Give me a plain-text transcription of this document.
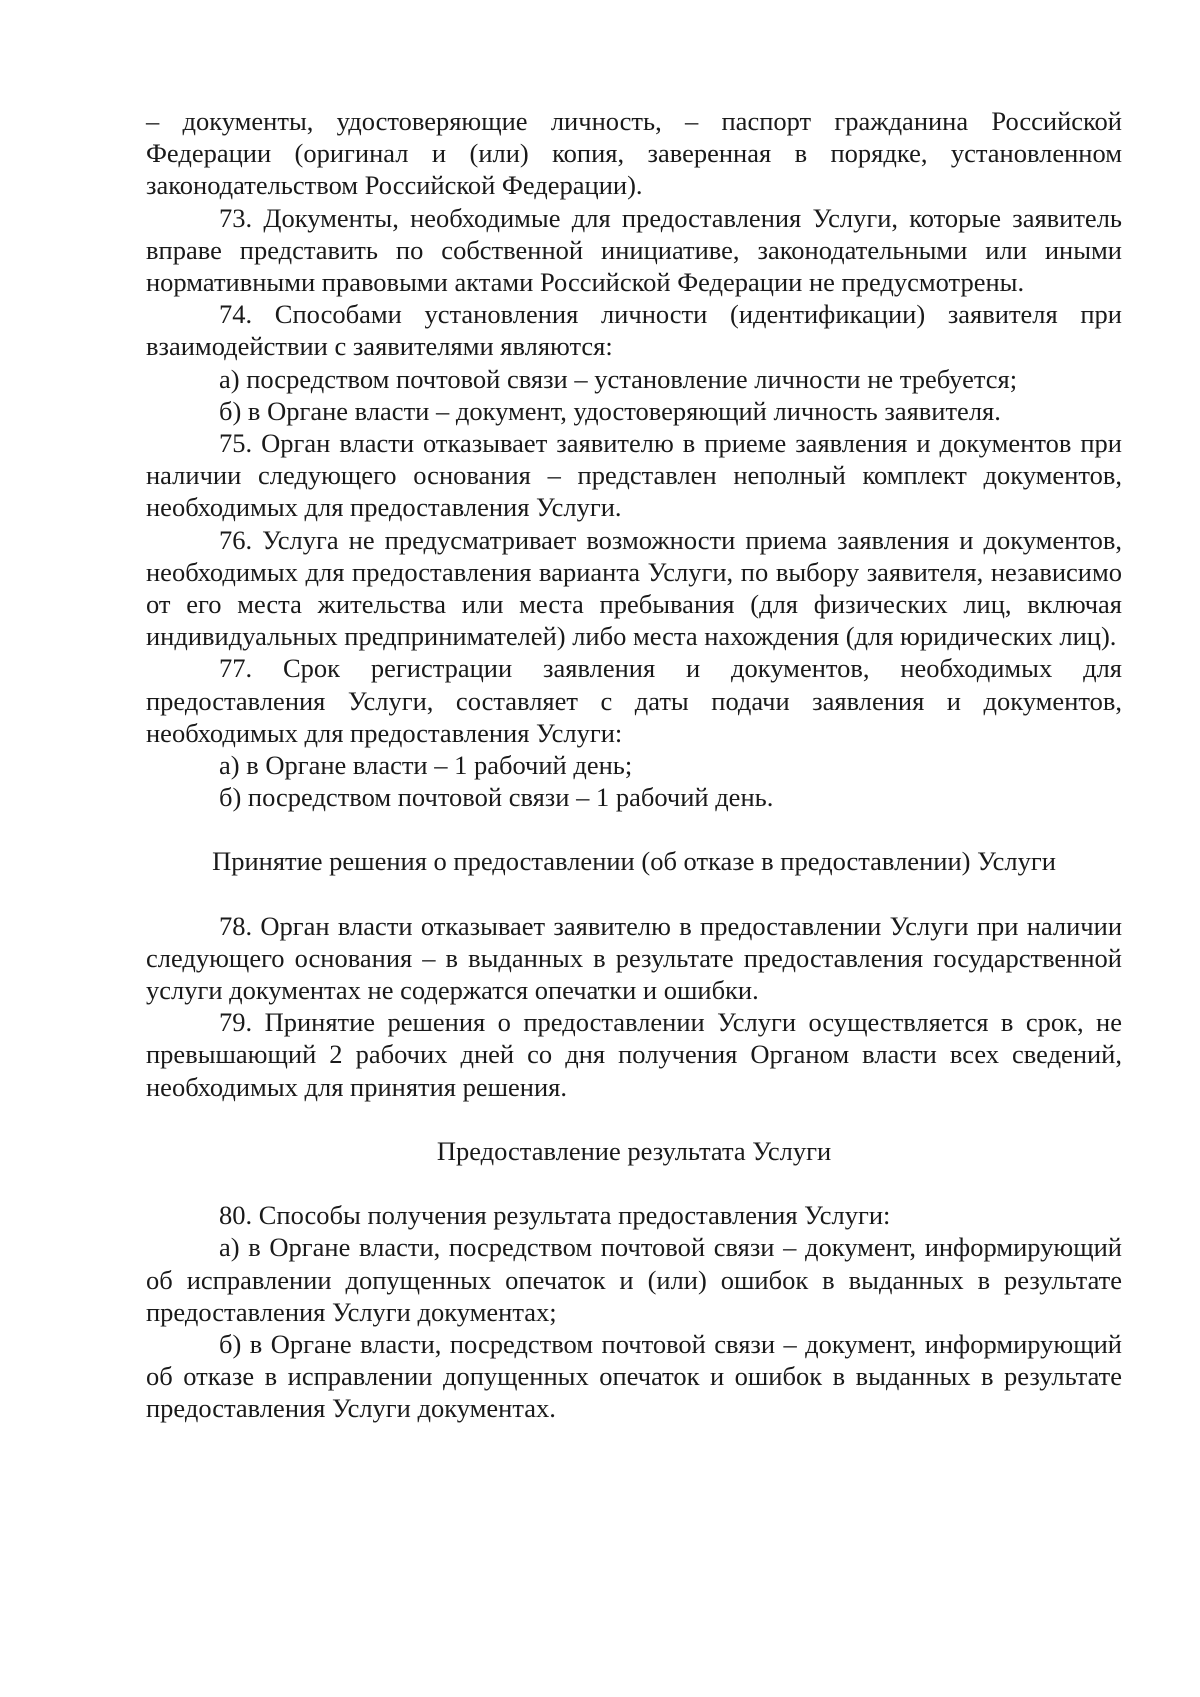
– документы, удостоверяющие личность, – паспорт гражданина Российской Федерации (оригинал и (или) копия, заверенная в порядке, установленном законодательством Российской Федерации).

73. Документы, необходимые для предоставления Услуги, которые заявитель вправе представить по собственной инициативе, законодательными или иными нормативными правовыми актами Российской Федерации не предусмотрены.

74. Способами установления личности (идентификации) заявителя при взаимодействии с заявителями являются:

а) посредством почтовой связи – установление личности не требуется;

б) в Органе власти – документ, удостоверяющий личность заявителя.

75. Орган власти отказывает заявителю в приеме заявления и документов при наличии следующего основания – представлен неполный комплект документов, необходимых для предоставления Услуги.

76. Услуга не предусматривает возможности приема заявления и документов, необходимых для предоставления варианта Услуги, по выбору заявителя, независимо от его места жительства или места пребывания (для физических лиц, включая индивидуальных предпринимателей) либо места нахождения (для юридических лиц).

77. Срок регистрации заявления и документов, необходимых для предоставления Услуги, составляет с даты подачи заявления и документов, необходимых для предоставления Услуги:

а) в Органе власти – 1 рабочий день;

б) посредством почтовой связи – 1 рабочий день.

Принятие решения о предоставлении (об отказе в предоставлении) Услуги

78. Орган власти отказывает заявителю в предоставлении Услуги при наличии следующего основания – в выданных в результате предоставления государственной услуги документах не содержатся опечатки и ошибки.

79. Принятие решения о предоставлении Услуги осуществляется в срок, не превышающий 2 рабочих дней со дня получения Органом власти всех сведений, необходимых для принятия решения.

Предоставление результата Услуги

80. Способы получения результата предоставления Услуги:

а) в Органе власти, посредством почтовой связи – документ, информирующий об исправлении допущенных опечаток и (или) ошибок в выданных в результате предоставления Услуги документах;

б) в Органе власти, посредством почтовой связи – документ, информирующий об отказе в исправлении допущенных опечаток и ошибок в выданных в результате предоставления Услуги документах.
